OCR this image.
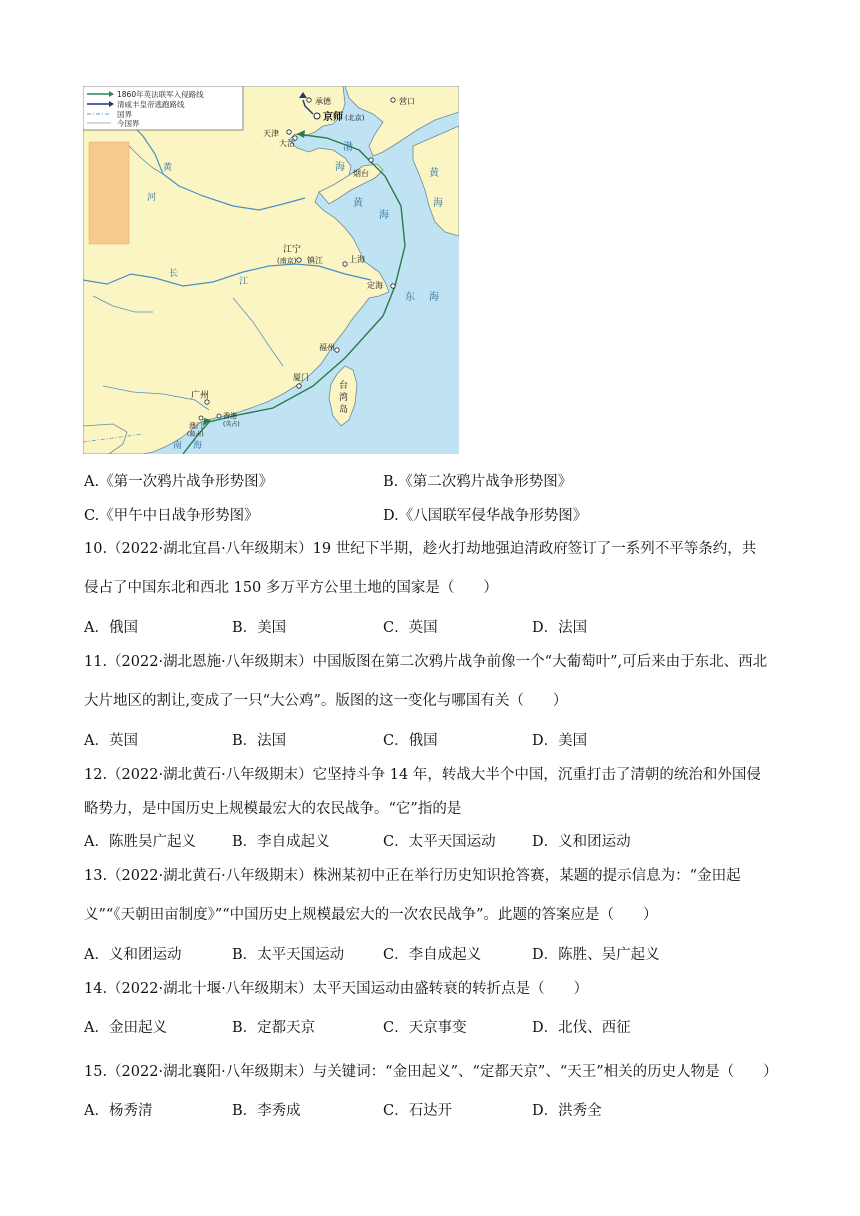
1860年英法联军入侵路线
清咸丰皇帝逃跑路线
国界
今国界
承德	营口
京师 (北京)
天津
大沽
烟台
江宁
(南京) 镇江	上海
定海
福州
厦门
广州
澳门
(葡占)
香港
(英占)
台
湾
岛
渤
海
黄
海
黄
海
东 海
南 海
黄
河
长
江
A.《第一次鸦片战争形势图》	B.《第二次鸦片战争形势图》
C.《甲午中日战争形势图》	D.《八国联军侵华战争形势图》
10.（2022·湖北宜昌·八年级期末）19 世纪下半期，趁火打劫地强迫清政府签订了一系列不平等条约，共
侵占了中国东北和西北 150 多万平方公里土地的国家是（　　）
A．俄国	B．美国	C．英国	D．法国
11.（2022·湖北恩施·八年级期末）中国版图在第二次鸦片战争前像一个“大葡萄叶”,可后来由于东北、西北
大片地区的割让,变成了一只“大公鸡”。版图的这一变化与哪国有关（　　）
A．英国	B．法国	C．俄国	D．美国
12.（2022·湖北黄石·八年级期末）它坚持斗争 14 年，转战大半个中国，沉重打击了清朝的统治和外国侵
略势力，是中国历史上规模最宏大的农民战争。“它”指的是
A．陈胜吴广起义 B．李自成起义	C．太平天国运动	D．义和团运动
13.（2022·湖北黄石·八年级期末）株洲某初中正在举行历史知识抢答赛，某题的提示信息为：“金田起
义”“《天朝田亩制度》”“中国历史上规模最宏大的一次农民战争”。此题的答案应是（　　）
A．义和团运动	B．太平天国运动	C．李自成起义	D．陈胜、吴广起义
14.（2022·湖北十堰·八年级期末）太平天国运动由盛转衰的转折点是（　　）
A．金田起义	B．定都天京	C．天京事变	D．北伐、西征
15.（2022·湖北襄阳·八年级期末）与关键词：“金田起义”、“定都天京”、“天王”相关的历史人物是（　　）
A．杨秀清	B．李秀成	C．石达开	D．洪秀全
